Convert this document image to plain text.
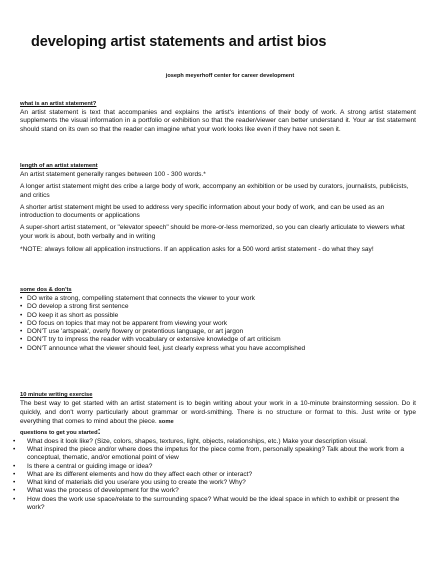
developing artist statements and artist bios
joseph meyerhoff center for career development
what is an artist statement?
An artist statement is text that accompanies and explains the artist's intentions of their body of work. A strong artist statement supplements the visual information in a portfolio or exhibition so that the reader/viewer can better understand it. Your ar tist statement should stand on its own so that the reader can imagine what your work looks like even if they have not seen it.
length of an artist statement
An artist statement generally ranges between 100 - 300 words.*
A longer artist statement might des cribe a large body of work, accompany an exhibition or be used by curators, journalists, publicists, and critics
A shorter artist statement might be used to address very specific information about your body of work, and can be used as an introduction to documents or applications
A super-short artist statement, or "elevator speech" should be more-or-less memorized, so you can clearly articulate to viewers what your work is about, both verbally and in writing
*NOTE: always follow all application instructions. If an application asks for a 500 word artist statement - do what they say!
some dos & don'ts
• DO write a strong, compelling statement that connects the viewer to your work
• DO develop a strong first sentence
• DO keep it as short as possible
• DO focus on topics that may not be apparent from viewing your work
• DON'T use 'artspeak', overly flowery or pretentious language, or art jargon
• DON'T try to impress the reader with vocabulary or extensive knowledge of art criticism
• DON'T announce what the viewer should feel, just clearly express what you have accomplished
10 minute writing exercise
The best way to get started with an artist statement is to begin writing about your work in a 10-minute brainstorming session. Do it quickly, and don't worry particularly about grammar or word-smithing. There is no structure or format to this. Just write or type everything that comes to mind about the piece. some
questions to get you started:
• What does it look like? (Size, colors, shapes, textures, light, objects, relationships, etc.) Make your description visual.
• What inspired the piece and/or where does the impetus for the piece come from, personally speaking? Talk about the work from a conceptual, thematic, and/or emotional point of view
• Is there a central or guiding image or idea?
• What are its different elements and how do they affect each other or interact?
• What kind of materials did you use/are you using to create the work? Why?
• What was the process of development for the work?
• How does the work use space/relate to the surrounding space? What would be the ideal space in which to exhibit or present the work?
